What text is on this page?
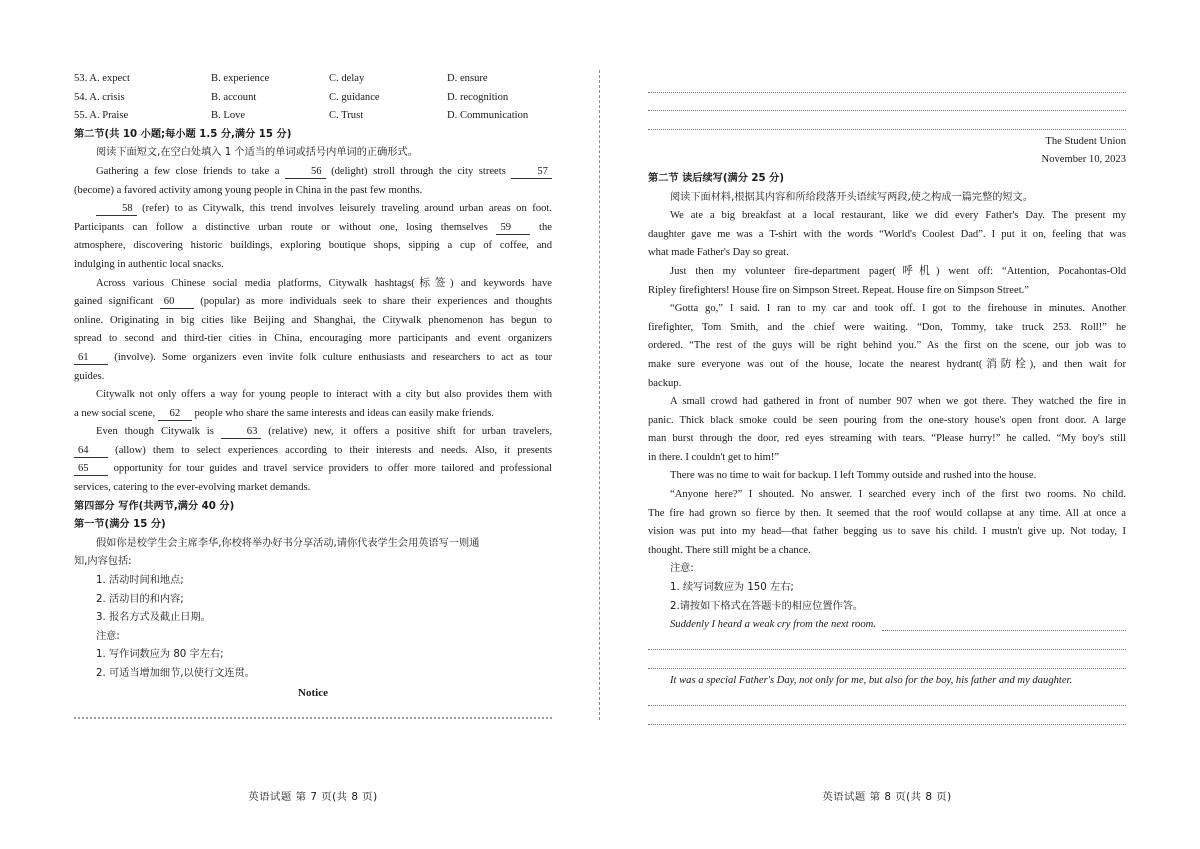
53. A. expect	B. experience	C. delay	D. ensure
54. A. crisis	B. account	C. guidance	D. recognition
55. A. Praise	B. Love	C. Trust	D. Communication
第二节(共 10 小题;每小题 1.5 分,满分 15 分)
阅读下面短文,在空白处填入 1 个适当的单词或括号内单词的正确形式。
Gathering a few close friends to take a	56 (delight) stroll through the city streets	57
(become) a favored activity among young people in China in the past few months.
58 (refer) to as Citywalk, this trend involves leisurely traveling around urban areas on foot.
Participants can follow a distinctive urban route or without one, losing themselves 59	the
atmosphere, discovering historic buildings, exploring boutique shops, sipping a cup of coffee, and
indulging in authentic local snacks.
Across various Chinese social media platforms, Citywalk hashtags(标签) and keywords have
gained significant 60 (popular) as more individuals seek to share their experiences and thoughts
online. Originating in big cities like Beijing and Shanghai, the Citywalk phenomenon has begun to
spread to second and third-tier cities in China, encouraging more participants and event organizers
61 (involve). Some organizers even invite folk culture enthusiasts and researchers to act as tour
guides.
Citywalk not only offers a way for young people to interact with a city but also provides them with
a new social scene, 62 people who share the same interests and ideas can easily make friends.
Even though Citywalk is	63 (relative) new, it offers a positive shift for urban travelers,
64	(allow) them to select experiences according to their interests and needs. Also, it presents
65 opportunity for tour guides and travel service providers to offer more tailored and professional
services, catering to the ever-evolving market demands.
第四部分 写作(共两节,满分 40 分)
第一节(满分 15 分)
假如你是校学生会主席李华,你校将举办好书分享活动,请你代表学生会用英语写一则通
知,内容包括:
1. 活动时间和地点;
2. 活动目的和内容;
3. 报名方式及截止日期。
注意:
1. 写作词数应为 80 字左右;
2. 可适当增加细节,以使行文连贯。
Notice
英语试题 第 7 页(共 8 页)
The Student Union
November 10, 2023
第二节 读后续写(满分 25 分)
阅读下面材料,根据其内容和所给段落开头语续写两段,使之构成一篇完整的短文。
We ate a big breakfast at a local restaurant, like we did every Father's Day. The present my
daughter gave me was a T-shirt with the words “World's Coolest Dad”. I put it on, feeling that was
what made Father's Day so great.
Just then my volunteer fire-department pager(呼机) went off: “Attention, Pocahontas-Old
Ripley firefighters! House fire on Simpson Street. Repeat. House fire on Simpson Street.”
“Gotta go,” I said. I ran to my car and took off. I got to the firehouse in minutes. Another
firefighter, Tom Smith, and the chief were waiting. “Don, Tommy, take truck 253. Roll!” he
ordered. “The rest of the guys will be right behind you.” As the first on the scene, our job was to
make sure everyone was out of the house, locate the nearest hydrant(消防栓), and then wait for
backup.
A small crowd had gathered in front of number 907 when we got there. They watched the fire in
panic. Thick black smoke could be seen pouring from the one-story house's open front door. A large
man burst through the door, red eyes streaming with tears. “Please hurry!” he called. “My boy's still
in there. I couldn't get to him!”
There was no time to wait for backup. I left Tommy outside and rushed into the house.
“Anyone here?” I shouted. No answer. I searched every inch of the first two rooms. No child.
The fire had grown so fierce by then. It seemed that the roof would collapse at any time. All at once a
vision was put into my head—that father begging us to save his child. I mustn't give up. Not today, I
thought. There still might be a chance.
注意:
1. 续写词数应为 150 左右;
2.请按如下格式在答题卡的相应位置作答。
Suddenly I heard a weak cry from the next room.
It was a special Father's Day, not only for me, but also for the boy, his father and my daughter.
英语试题 第 8 页(共 8 页)
